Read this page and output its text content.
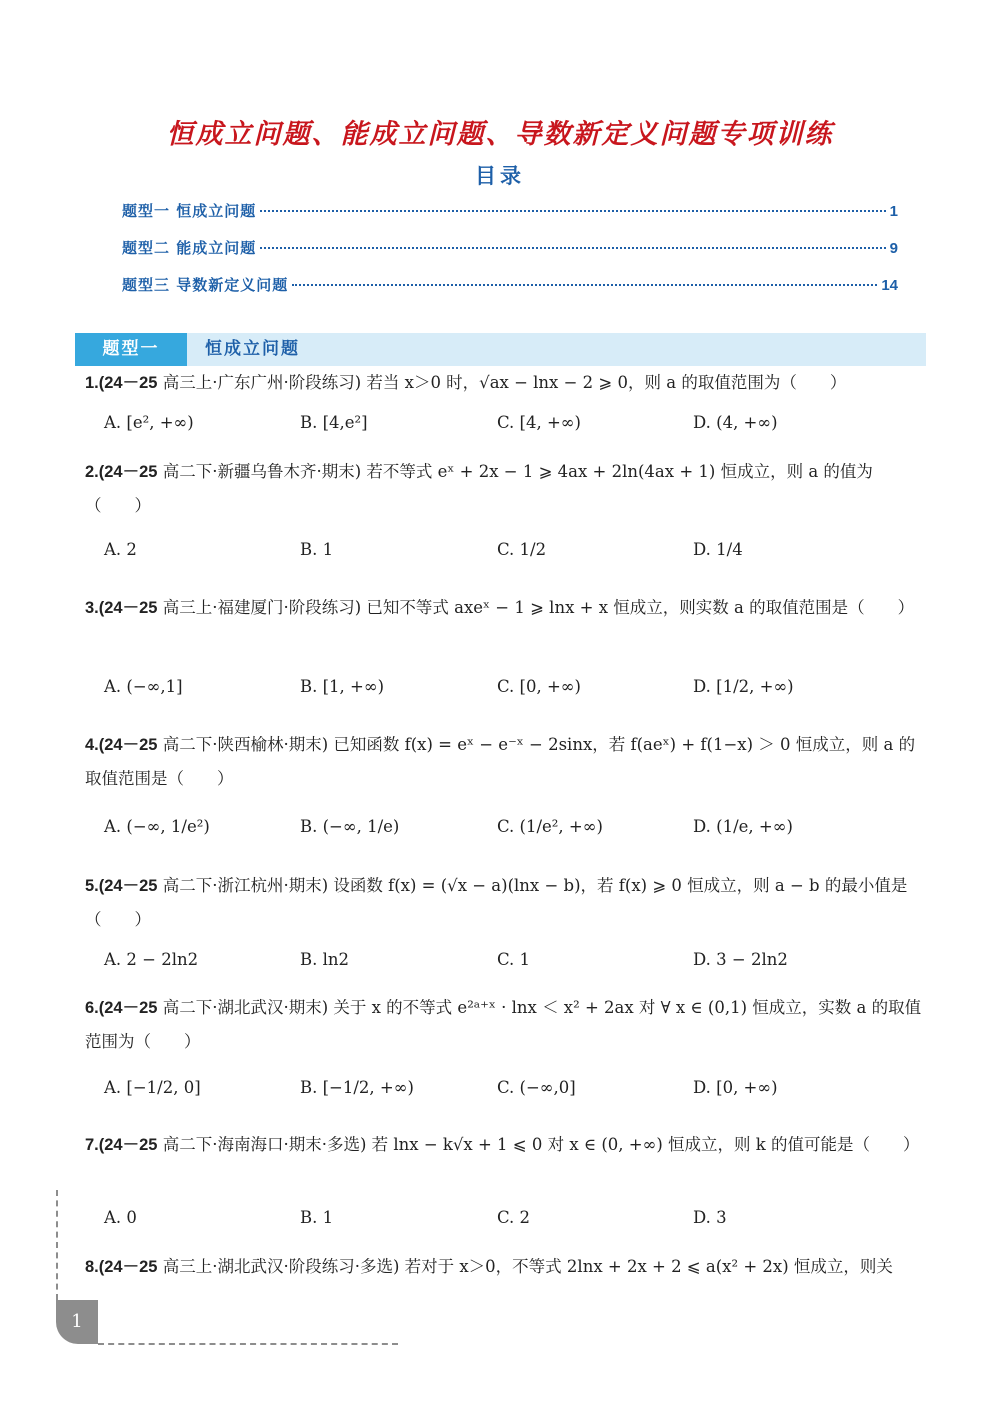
恒成立问题、能成立问题、导数新定义问题专项训练
目录
题型一 恒成立问题	1
题型二 能成立问题	9
题型三 导数新定义问题	14
题型一	恒成立问题
1.(24－25 高三上·广东广州·阶段练习) 若当 x＞0 时，√ax − lnx − 2 ⩾ 0，则 a 的取值范围为（　　）
A. [e², +∞)	B. [4,e²]	C. [4, +∞)	D. (4, +∞)
2.(24－25 高二下·新疆乌鲁木齐·期末) 若不等式 eˣ + 2x − 1 ⩾ 4ax + 2ln(4ax + 1) 恒成立，则 a 的值为（　　）
A. 2	B. 1	C. 1/2	D. 1/4
3.(24－25 高三上·福建厦门·阶段练习) 已知不等式 axeˣ − 1 ⩾ lnx + x 恒成立，则实数 a 的取值范围是（　　）
A. (−∞,1]	B. [1, +∞)	C. [0, +∞)	D. [1/2, +∞)
4.(24－25 高二下·陕西榆林·期末) 已知函数 f(x) = eˣ − e⁻ˣ − 2sinx，若 f(aeˣ) + f(1−x) ＞ 0 恒成立，则 a 的取值范围是（　　）
A. (−∞, 1/e²)	B. (−∞, 1/e)	C. (1/e², +∞)	D. (1/e, +∞)
5.(24－25 高二下·浙江杭州·期末) 设函数 f(x) = (√x − a)(lnx − b)，若 f(x) ⩾ 0 恒成立，则 a − b 的最小值是（　　）
A. 2 − 2ln2	B. ln2	C. 1	D. 3 − 2ln2
6.(24－25 高二下·湖北武汉·期末) 关于 x 的不等式 e²ᵃ⁺ˣ · lnx ＜ x² + 2ax 对 ∀ x ∈ (0,1) 恒成立，实数 a 的取值范围为（　　）
A. [−1/2, 0]	B. [−1/2, +∞)	C. (−∞,0]	D. [0, +∞)
7.(24－25 高二下·海南海口·期末·多选) 若 lnx − k√x + 1 ⩽ 0 对 x ∈ (0, +∞) 恒成立，则 k 的值可能是（　　）
A. 0	B. 1	C. 2	D. 3
8.(24－25 高三上·湖北武汉·阶段练习·多选) 若对于 x＞0，不等式 2lnx + 2x + 2 ⩽ a(x² + 2x) 恒成立，则关
1
